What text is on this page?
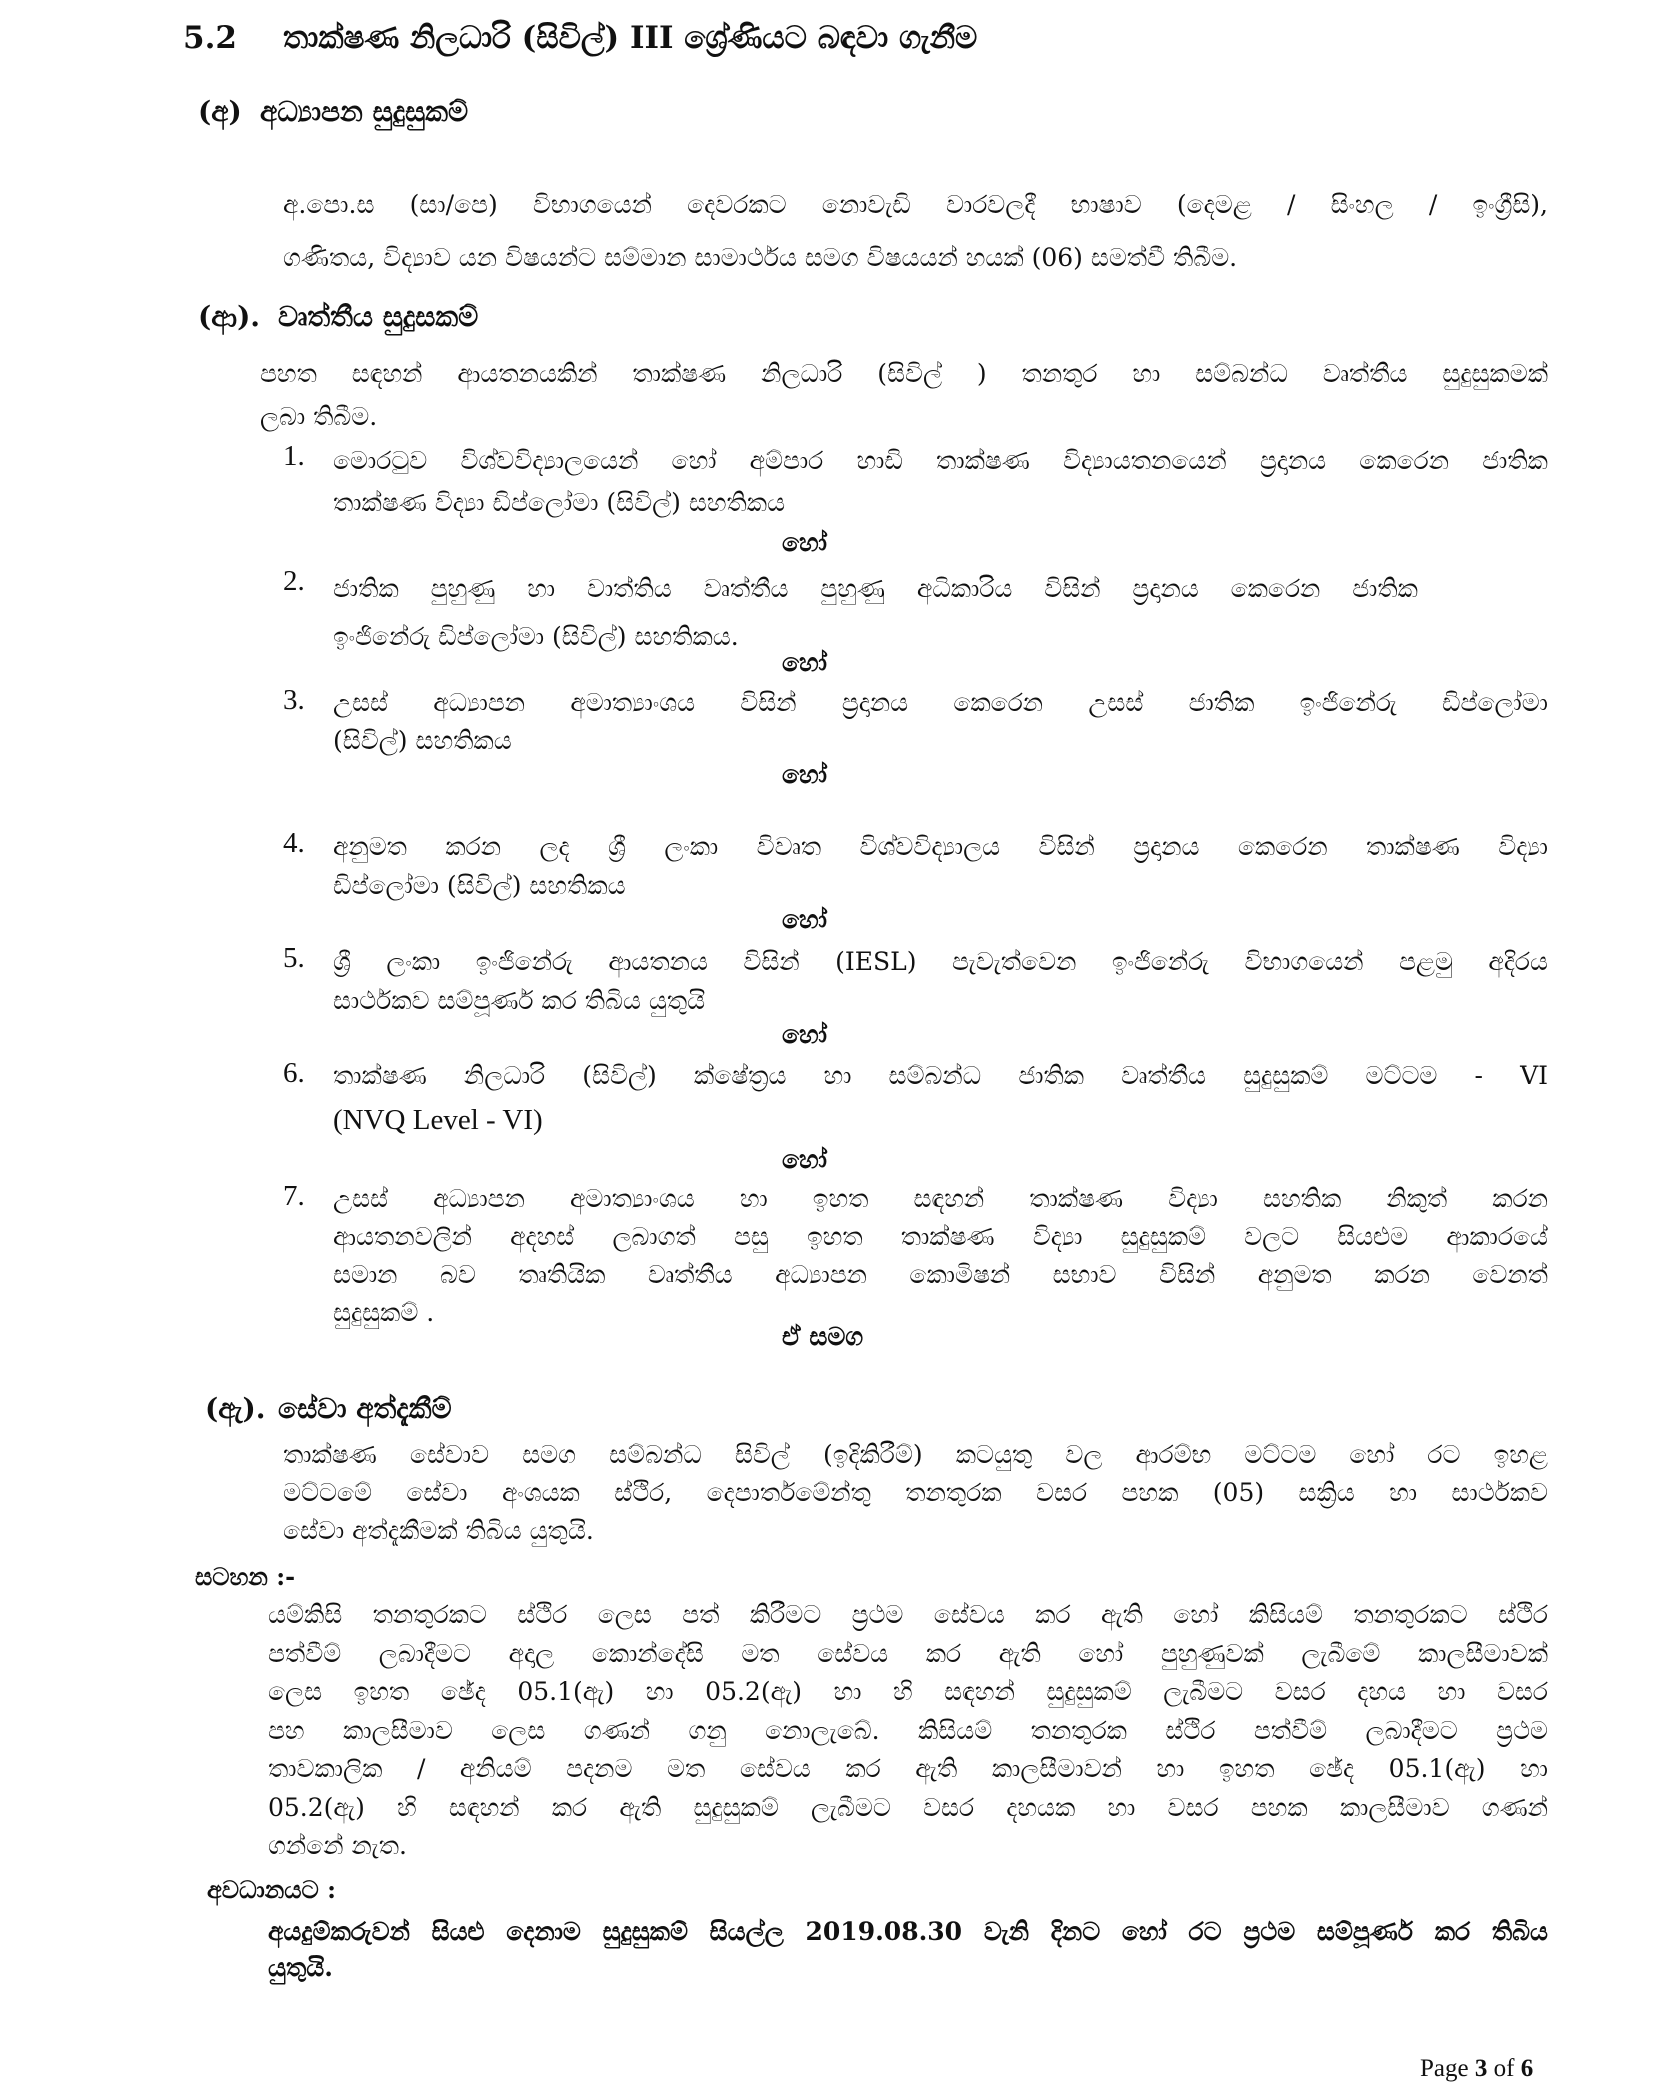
5.2 තාක්ෂණ නිලධාරි (සිවිල්) III ශ්‍රේණියට බඳවා ගැනීම
(අ) අධ්‍යාපන සුදුසුකම්

අ.පො.ස (සා/පෙ) විභාගයෙන් දෙවරකට නොවැඩි වාරවලදී භාෂාව (දෙමළ / සිංහල / ඉංග්‍රීසි),

ගණිතය, විද්‍යාව යන විෂයන්ට සම්මාන සාමාර්ථය සමග විෂයයන් හයක් (06) සමත්වී තිබීම.

(ආ). වෘත්තීය සුදුසකම්

පහත සඳහන් ආයතනයකින් තාක්ෂණ නිලධාරි (සිවිල් ) තනතුර හා සම්බන්ධ වෘත්තීය සුදුසුකමක්

ලබා තිබීම.

1. මොරටුව විශ්වවිද්‍යාලයෙන් හෝ අම්පාර හාඩි තාක්ෂණ විද්‍යායතනයෙන් ප්‍රදානය කෙරෙන ජාතික

තාක්ෂණ විද්‍යා ඩිප්ලෝමා (සිවිල්) සහතිකය

හෝ
2. ජාතික පුහුණු හා වාත්තිය වෘත්තීය පුහුණු අධිකාරිය විසින් ප්‍රදානය කෙරෙන ජාතික

ඉංජිනේරු ඩිප්ලෝමා (සිවිල්) සහතිකය.

හෝ
3. උසස් අධ්‍යාපන අමාත්‍යාංශය විසින් ප්‍රදානය කෙරෙන උසස් ජාතික ඉංජිනේරු ඩිප්ලෝමා

(සිවිල්) සහතිකය

හෝ
4. අනුමත කරන ලද ශ්‍රී ලංකා විවෘත විශ්වවිද්‍යාලය විසින් ප්‍රදානය කෙරෙන තාක්ෂණ විද්‍යා

ඩිප්ලෝමා (සිවිල්) සහතිකය

හෝ
5. ශ්‍රී ලංකා ඉංජිනේරු ආයතනය විසින් (IESL) පැවැත්වෙන ඉංජිනේරු විභාගයෙන් පළමු අදිරය

සාර්ථකව සම්පූර්ණ කර තිබිය යුතුයි

හෝ
6. තාක්ෂණ නිලධාරි (සිවිල්) ක්ෂේත්‍රය හා සම්බන්ධ ජාතික වෘත්තීය සුදුසුකම් මට්ටම - VI

(NVQ Level - VI)

හෝ
7. උසස් අධ්‍යාපන අමාත්‍යාංශය හා ඉහත සඳහන් තාක්ෂණ විද්‍යා සහතික නිකුත් කරන

ආයතනවලින් අදහස් ලබාගත් පසු ඉහත තාක්ෂණ විද්‍යා සුදුසුකම් වලට සියළුම ආකාරයේ

සමාන බව තෘතියික වෘත්තීය අධ්‍යාපන කොමිෂන් සභාව විසින් අනුමත කරන වෙනත්

සුදුසුකම් .

ඒ සමග
(ඇ). සේවා අත්දැකීම්

තාක්ෂණ සේවාව සමග සම්බන්ධ සිවිල් (ඉදිකිරීම්) කටයුතු වල ආරම්භ මට්ටම හෝ රට ඉහළ

මට්ටමේ සේවා අංශයක ස්ථිර, දෙපාර්තමේන්තු තනතුරක වසර පහක (05) සක්‍රිය හා සාර්ථකව

සේවා අත්දැකීමක් තිබිය යුතුයි.

සටහන :-

යම්කිසි තනතුරකට ස්ථිර ලෙස පත් කිරීමට ප්‍රථම සේවය කර ඇති හෝ කිසියම් තනතුරකට ස්ථිර

පත්වීම් ලබාදීමට අදාල කොන්දේසි මත සේවය කර ඇති හෝ පුහුණුවක් ලැබීමේ කාලසීමාවක්

ලෙස ඉහත ඡේද 05.1(ඇ) හා 05.2(ඇ) හා හි සඳහන් සුදුසුකම් ලැබීමට වසර දහය හා වසර

පහ කාලසීමාව ලෙස ගණන් ගනු නොලැබේ. කිසියම් තනතුරක ස්ථිර පත්වීම් ලබාදීමට ප්‍රථම

තාවකාලික / අනියම් පදනම මත සේවය කර ඇති කාලසීමාවන් හා ඉහත ඡේද 05.1(ඇ) හා

05.2(ඇ) හි සඳහන් කර ඇති සුදුසුකම් ලැබීමට වසර දහයක හා වසර පහක කාලසීමාව ගණන්

ගන්නේ නැත.

අවධානයට :

අයදුම්කරුවන් සියළු දෙනාම සුදුසුකම් සියල්ල 2019.08.30 වැනි දිනට හෝ රට ප්‍රථම සම්පූර්ණ කර තිබිය

යුතුයි.

Page 3 of 6
